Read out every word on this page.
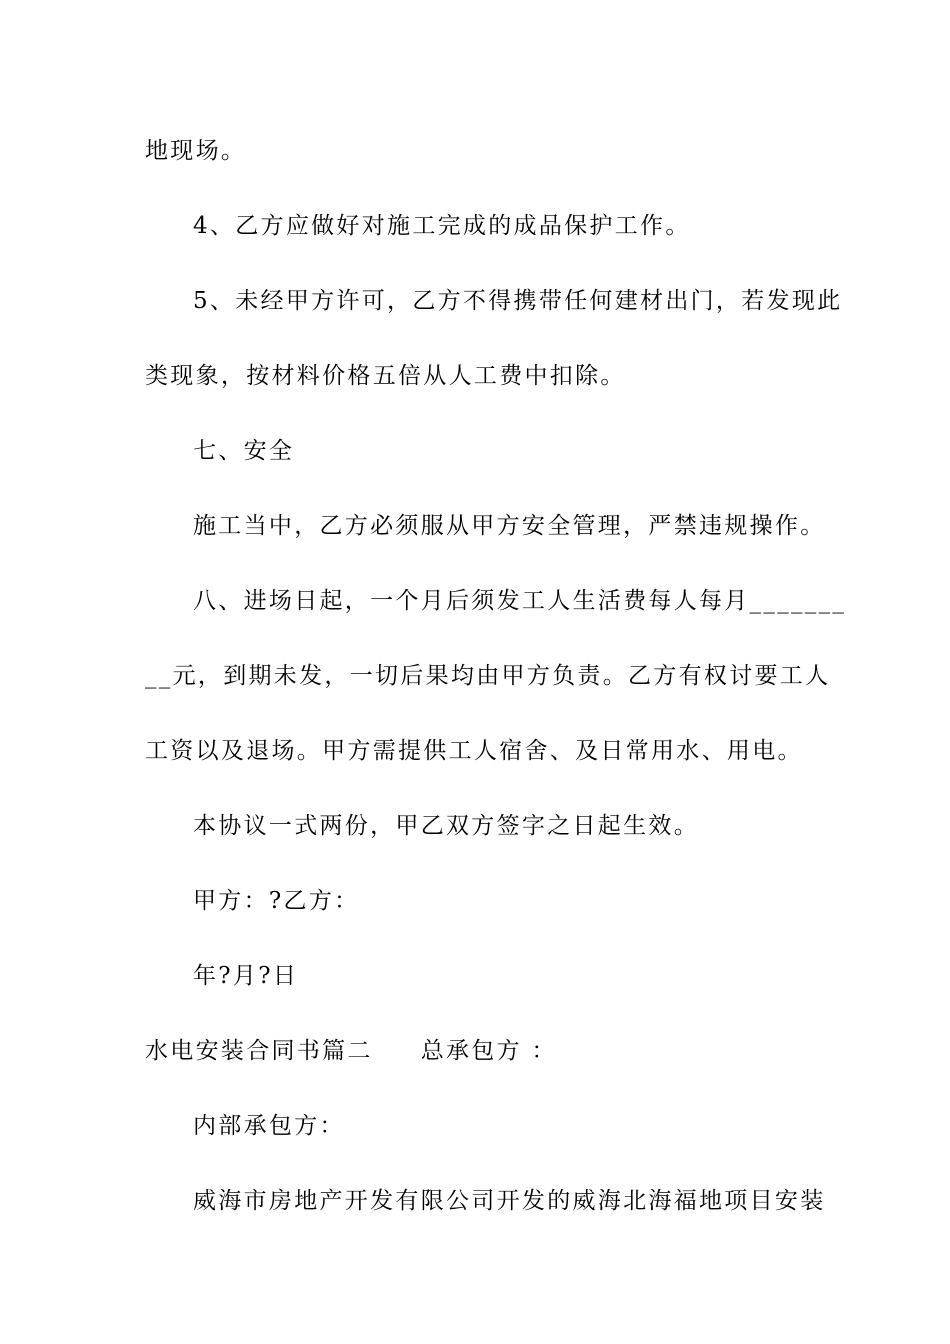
地现场。
4、乙方应做好对施工完成的成品保护工作。
5、未经甲方许可，乙方不得携带任何建材出门，若发现此
类现象，按材料价格五倍从人工费中扣除。
七、安全
施工当中，乙方必须服从甲方安全管理，严禁违规操作。
八、进场日起，一个月后须发工人生活费每人每月_______
__元，到期未发，一切后果均由甲方负责。乙方有权讨要工人
工资以及退场。甲方需提供工人宿舍、及日常用水、用电。
本协议一式两份，甲乙双方签字之日起生效。
甲方：?乙方：
年?月?日
水电安装合同书篇二 总承包方 ：
内部承包方：
威海市房地产开发有限公司开发的威海北海福地项目安装
